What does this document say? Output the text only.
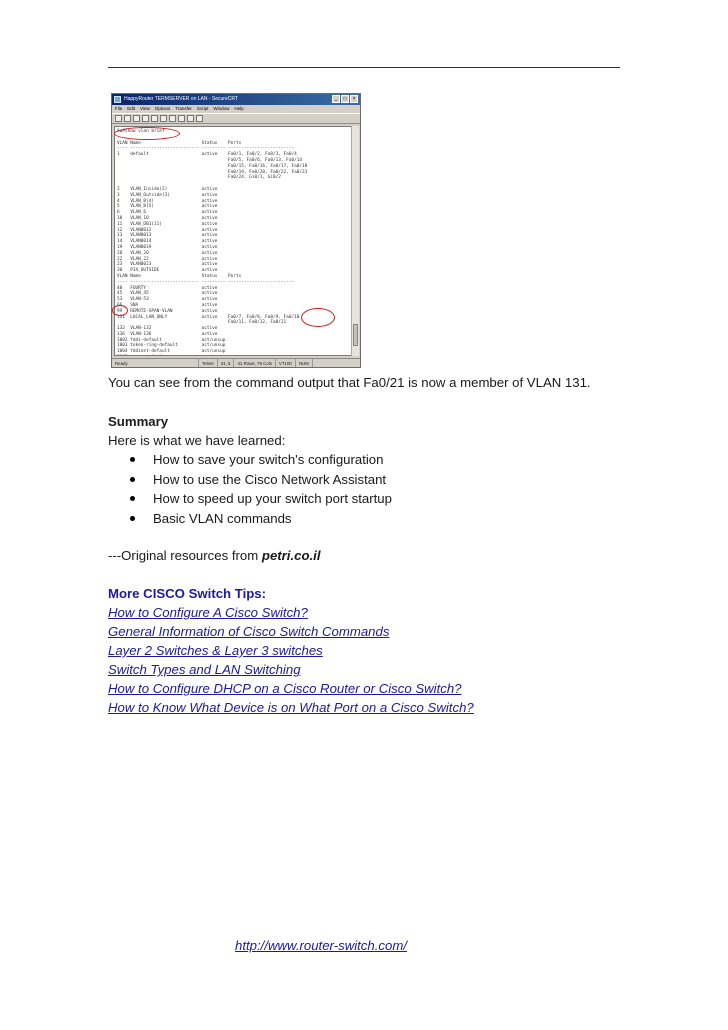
HappyRouter TERMSERVER on LAN - SecureCRT	_	□	×
File Edit View Options Transfer Script Window Help
Sw#show vlan brief
VLAN Name                       Status    Ports
---- -------------------------- --------- -------------------------
1    default                    active    Fa0/1, Fa0/2, Fa0/3, Fa0/4
Fa0/5, Fa0/6, Fa0/13, Fa0/14
Fa0/15, Fa0/16, Fa0/17, Fa0/18
Fa0/19, Fa0/20, Fa0/22, Fa0/23
Fa0/24, Gi0/1, Gi0/2
2    VLAN_Inside(2)             active
3    VLAN_Outside(3)            active
4    VLAN_B(4)                  active
5    VLAN_B(5)                  active
6    VLAN_6                     active
10   VLAN_10                    active
11   VLAN_DB1(11)               active
12   VLAN0012                   active
13   VLAN0013                   active
14   VLAN0014                   active
19   VLAN0019                   active
20   VLAN_20                    active
22   VLAN_22                    active
23   VLAN0023                   active
30   PIX_OUTSIDE                active
VLAN Name                       Status    Ports
---- -------------------------- --------- -------------------------
40   FOURTY                     active
45   VLAN_45                    active
53   VLAN-53                    active
66   SNA                        active
99   REMOTE-SPAN-VLAN           active
131  LOCAL_LAN_ONLY             active    Fa0/7, Fa0/8, Fa0/9, Fa0/10
Fa0/11, Fa0/12, Fa0/21
132  VLAN-132                   active
136  VLAN-136                   active
1002 fddi-default               act/unsup
1003 token-ring-default         act/unsup
1004 fddinet-default            act/unsup
Ready	Telnet	31, 5	41 Rows, 78 Cols	VT100	NUM
You can see from the command output that Fa0/21 is now a member of VLAN 131.
Summary
Here is what we have learned:
How to save your switch's configuration
How to use the Cisco Network Assistant
How to speed up your switch port startup
Basic VLAN commands
---Original resources from petri.co.il
More CISCO Switch Tips:
How to Configure A Cisco Switch?
General Information of Cisco Switch Commands
Layer 2 Switches & Layer 3 switches
Switch Types and LAN Switching
How to Configure DHCP on a Cisco Router or Cisco Switch?
How to Know What Device is on What Port on a Cisco Switch?
http://www.router-switch.com/
